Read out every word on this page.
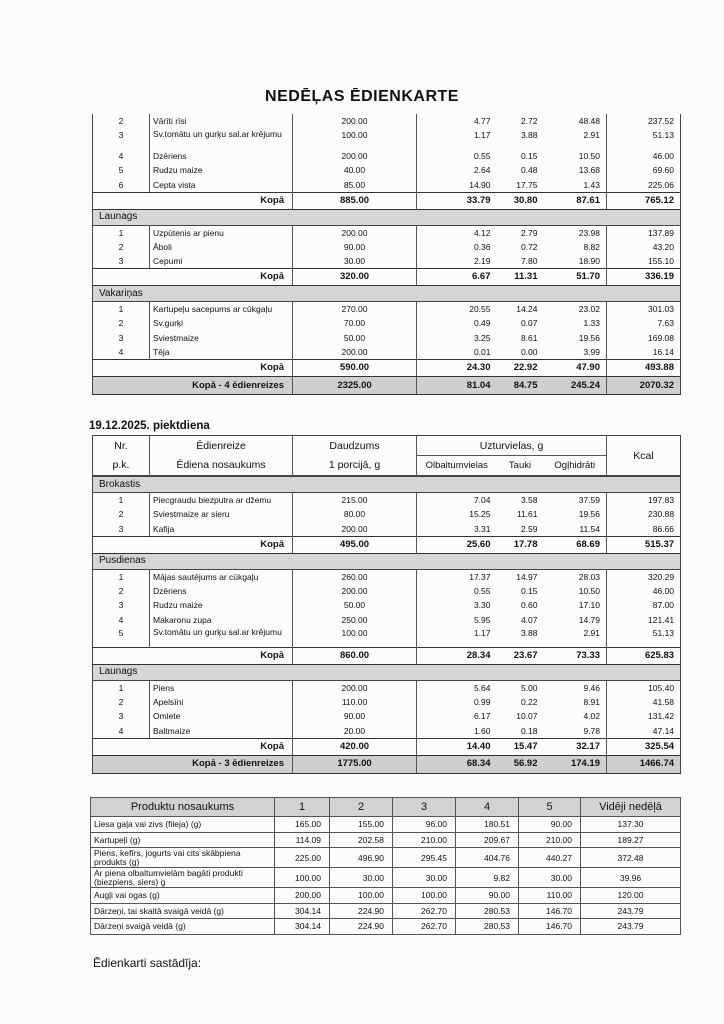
NEDĒĻAS ĒDIENKARTE
2	Vārīti rīsi	200.00	4.77	2.72	48.48	237.52
3	Sv.tomātu un gurķu sal.ar krējumu	100.00	1.17	3.88	2.91	51.13
4	Dzēriens	200.00	0.55	0.15	10.50	46.00
5	Rudzu maize	40.00	2.64	0.48	13.68	69.60
6	Cepta vista	85.00	14.90	17.75	1.43	225.06
Kopā		885.00	33.79	30.80	87.61	765.12
Launags						
1	Uzpūtenis ar pienu	200.00	4.12	2.79	23.98	137.89
2	Āboli	90.00	0.36	0.72	8.82	43.20
3	Cepumi	30.00	2.19	7.80	18.90	155.10
Kopā		320.00	6.67	11.31	51.70	336.19
Vakariņas						
1	Kartupeļu sacepums ar cūkgaļu	270.00	20.55	14.24	23.02	301.03
2	Sv.gurķi	70.00	0.49	0.07	1.33	7.63
3	Sviestmaize	50.00	3.25	8.61	19.56	169.08
4	Tēja	200.00	0.01	0.00	3.99	16.14
Kopā		590.00	24.30	22.92	47.90	493.88
Kopā - 4 ēdienreizes		2325.00	81.04	84.75	245.24	2070.32
19.12.2025. piektdiena
Nr.	Ēdienreize	Daudzums	Uzturvielas, g			Kcal
p.k.	Ēdiena nosaukums	1 porcijā, g	Olbaltumvielas	Tauki	Ogļhidrāti	
Brokastis						
1	Piecgraudu biezputra ar džemu	215.00	7.04	3.58	37.59	197.83
2	Sviestmaize ar sieru	80.00	15.25	11.61	19.56	230.88
3	Kafija	200.00	3.31	2.59	11.54	86.66
Kopā		495.00	25.60	17.78	68.69	515.37
Pusdienas						
1	Mājas sautējums ar cūkgaļu	260.00	17.37	14.97	28.03	320.29
2	Dzēriens	200.00	0.55	0.15	10.50	46.00
3	Rudzu maize	50.00	3.30	0.60	17.10	87.00
4	Makaronu zupa	250.00	5.95	4.07	14.79	121.41
5	Sv.tomātu un gurķu sal.ar krējumu	100.00	1.17	3.88	2.91	51.13
Kopā		860.00	28.34	23.67	73.33	625.83
Launags						
1	Piens	200.00	5.64	5.00	9.46	105.40
2	Apelsīni	110.00	0.99	0.22	8.91	41.58
3	Omlete	90.00	6.17	10.07	4.02	131.42
4	Baltmaize	20.00	1.60	0.18	9.78	47.14
Kopā		420.00	14.40	15.47	32.17	325.54
Kopā - 3 ēdienreizes		1775.00	68.34	56.92	174.19	1466.74
Produktu nosaukums	1	2	3	4	5	Vidēji nedēļā
Liesa gaļa vai zivs (fileja) (g)	165.00	155.00	96.00	180.51	90.00	137.30
Kartupeļi (g)	114.09	202.58	210.00	209.67	210.00	189.27
Piens, kefīrs, jogurts vai cits skābpiena produkts (g)	225.00	496.90	295.45	404.76	440.27	372.48
Ar piena olbaltumvielām bagāti produkti (biezpiens, siers) g	100.00	30.00	30.00	9.82	30.00	39.96
Augļi vai ogas (g)	200.00	100.00	100.00	90.00	110.00	120.00
Dārzeņi, tai skaitā svaigā veidā (g)	304.14	224.90	262.70	280.53	146.70	243.79
Dārzeņi svaigā veidā (g)	304.14	224.90	262.70	280.53	146.70	243.79
Ēdienkarti sastādīja:
